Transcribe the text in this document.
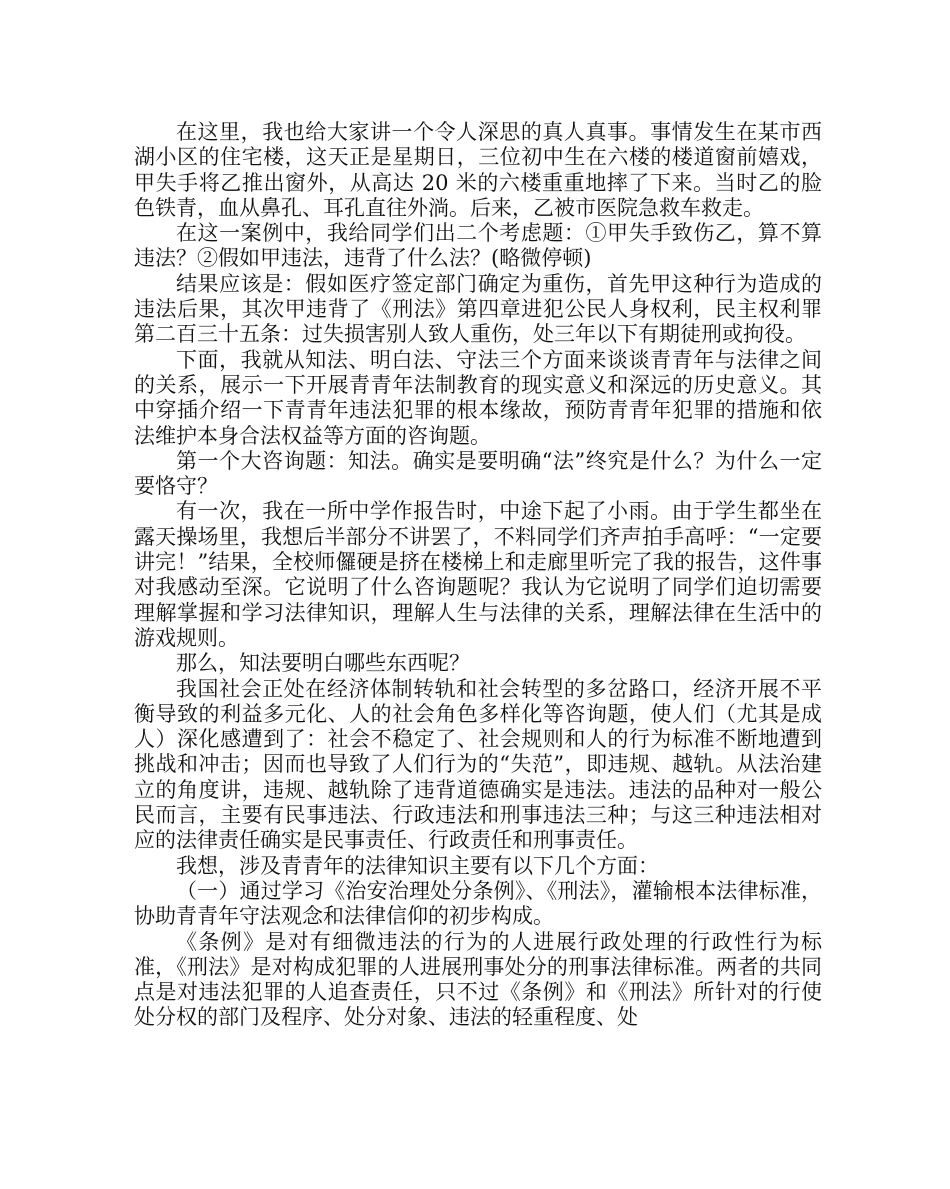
在这里，我也给大家讲一个令人深思的真人真事。事情发生在某市西湖小区的住宅楼，这天正是星期日，三位初中生在六楼的楼道窗前嬉戏，甲失手将乙推出窗外，从高达 20 米的六楼重重地摔了下来。当时乙的脸色铁青，血从鼻孔、耳孔直往外淌。后来，乙被市医院急救车救走。

在这一案例中，我给同学们出二个考虑题：①甲失手致伤乙，算不算违法？②假如甲违法，违背了什么法？(略微停顿)

结果应该是：假如医疗签定部门确定为重伤，首先甲这种行为造成的违法后果，其次甲违背了《刑法》第四章进犯公民人身权利，民主权利罪第二百三十五条：过失损害别人致人重伤，处三年以下有期徒刑或拘役。

下面，我就从知法、明白法、守法三个方面来谈谈青青年与法律之间的关系，展示一下开展青青年法制教育的现实意义和深远的历史意义。其中穿插介绍一下青青年违法犯罪的根本缘故，预防青青年犯罪的措施和依法维护本身合法权益等方面的咨询题。

第一个大咨询题：知法。确实是要明确“法”终究是什么？为什么一定要恪守？

有一次，我在一所中学作报告时，中途下起了小雨。由于学生都坐在露天操场里，我想后半部分不讲罢了，不料同学们齐声拍手高呼：“一定要讲完！”结果，全校师儸硬是挤在楼梯上和走廊里听完了我的报告，这件事对我感动至深。它说明了什么咨询题呢？我认为它说明了同学们迫切需要理解掌握和学习法律知识，理解人生与法律的关系，理解法律在生活中的游戏规则。

那么，知法要明白哪些东西呢？

我国社会正处在经济体制转轨和社会转型的多岔路口，经济开展不平衡导致的利益多元化、人的社会角色多样化等咨询题，使人们（尤其是成人）深化感遭到了：社会不稳定了、社会规则和人的行为标准不断地遭到挑战和冲击；因而也导致了人们行为的“失范”，即违规、越轨。从法治建立的角度讲，违规、越轨除了违背道德确实是违法。违法的品种对一般公民而言，主要有民事违法、行政违法和刑事违法三种；与这三种违法相对应的法律责任确实是民事责任、行政责任和刑事责任。

我想，涉及青青年的法律知识主要有以下几个方面：

（一）通过学习《治安治理处分条例》、《刑法》，灌输根本法律标准，协助青青年守法观念和法律信仰的初步构成。

《条例》是对有细微违法的行为的人进展行政处理的行政性行为标准，《刑法》是对构成犯罪的人进展刑事处分的刑事法律标准。两者的共同点是对违法犯罪的人追查责任，只不过《条例》和《刑法》所针对的行使处分权的部门及程序、处分对象、违法的轻重程度、处
